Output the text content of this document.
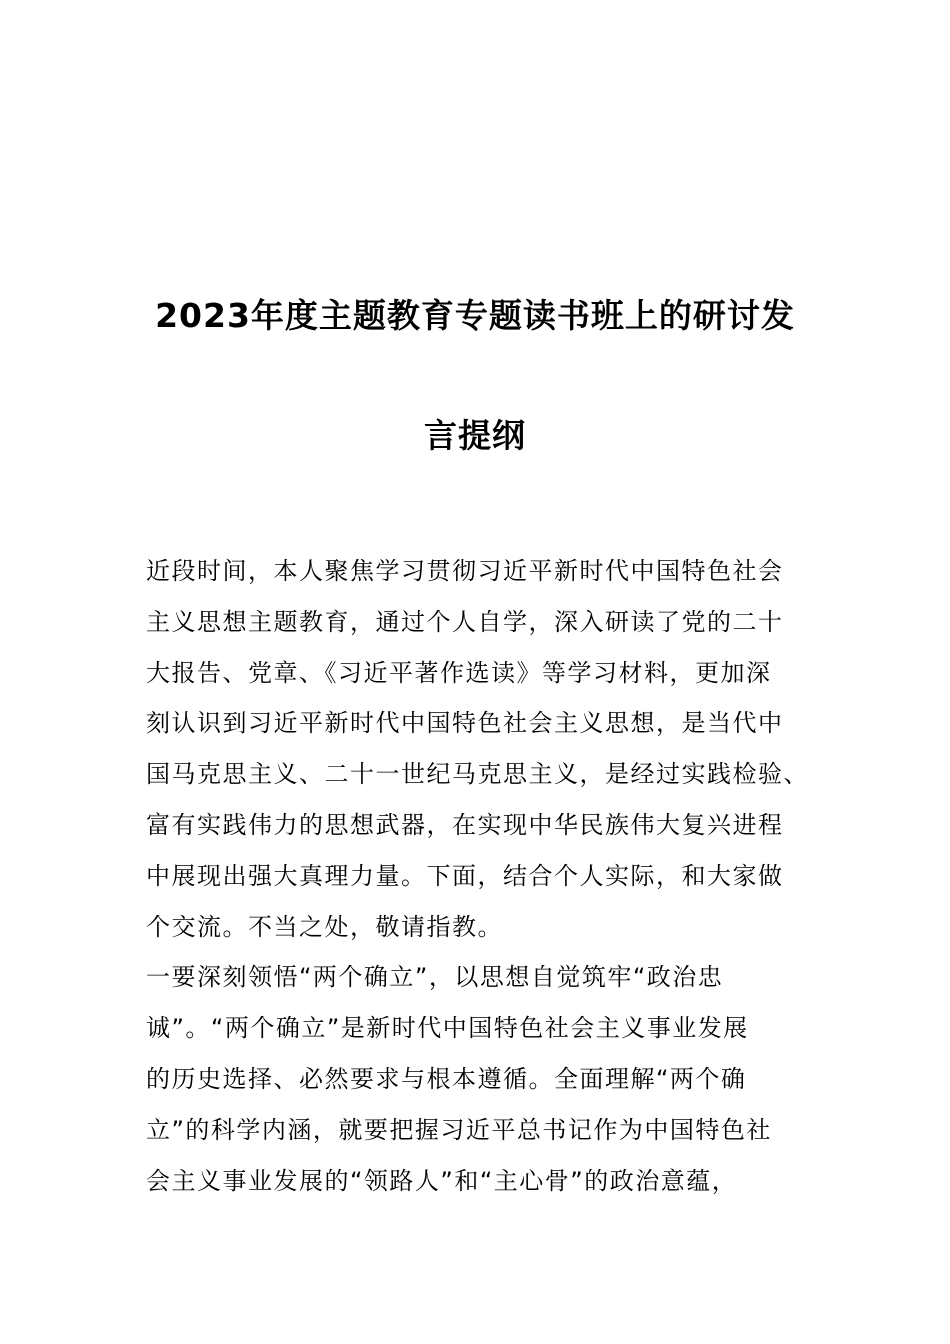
2023年度主题教育专题读书班上的研讨发
言提纲
近段时间，本人聚焦学习贯彻习近平新时代中国特色社会
主义思想主题教育，通过个人自学，深入研读了党的二十
大报告、党章、《习近平著作选读》等学习材料，更加深
刻认识到习近平新时代中国特色社会主义思想，是当代中
国马克思主义、二十一世纪马克思主义，是经过实践检验、
富有实践伟力的思想武器，在实现中华民族伟大复兴进程
中展现出强大真理力量。下面，结合个人实际，和大家做
个交流。不当之处，敬请指教。
一要深刻领悟“两个确立”，以思想自觉筑牢“政治忠
诚”。“两个确立”是新时代中国特色社会主义事业发展
的历史选择、必然要求与根本遵循。全面理解“两个确
立”的科学内涵，就要把握习近平总书记作为中国特色社
会主义事业发展的“领路人”和“主心骨”的政治意蕴，
